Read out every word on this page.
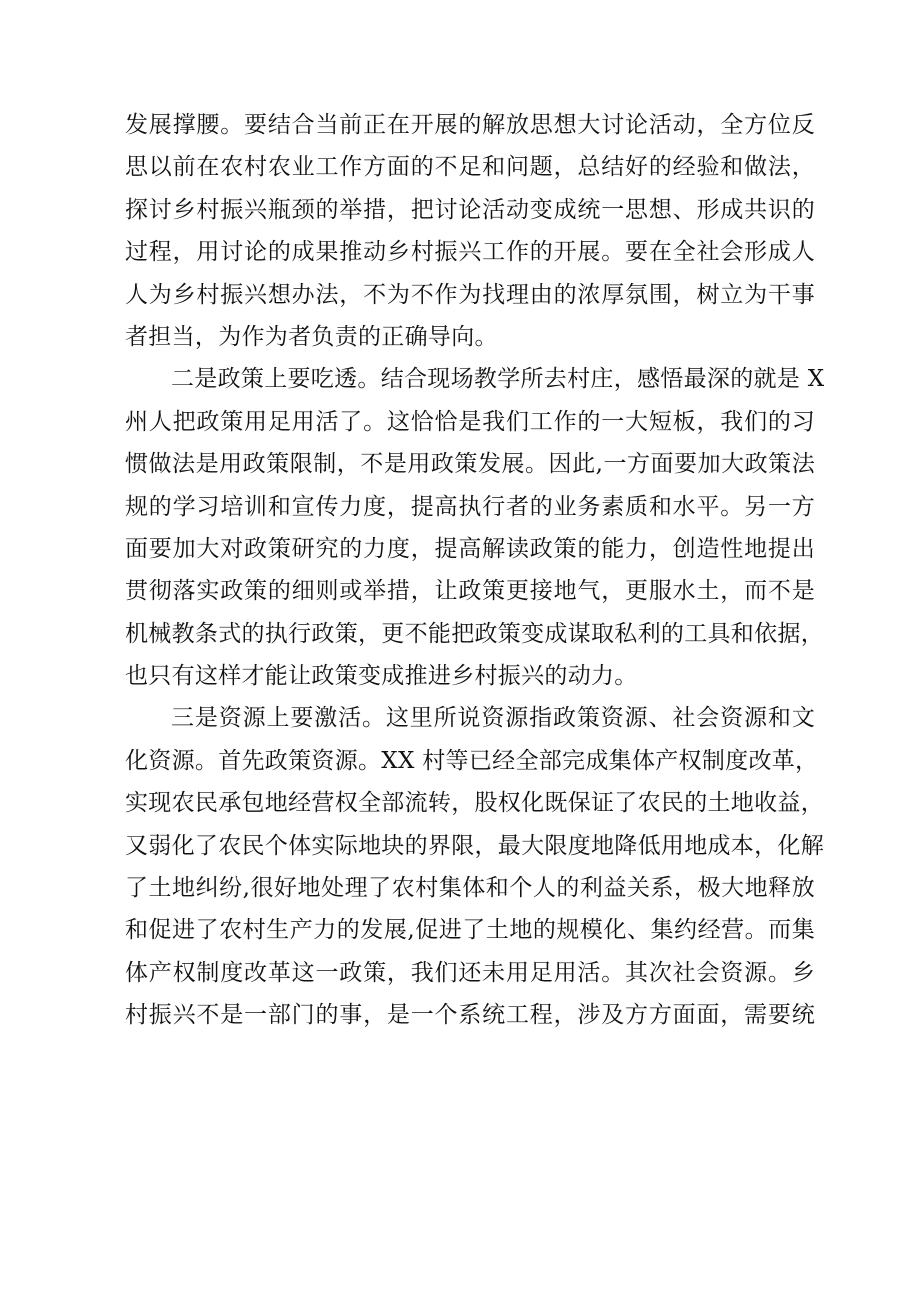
发展撑腰。要结合当前正在开展的解放思想大讨论活动，全方位反
思以前在农村农业工作方面的不足和问题，总结好的经验和做法，
探讨乡村振兴瓶颈的举措，把讨论活动变成统一思想、形成共识的
过程，用讨论的成果推动乡村振兴工作的开展。要在全社会形成人
人为乡村振兴想办法，不为不作为找理由的浓厚氛围，树立为干事
者担当，为作为者负责的正确导向。
二是政策上要吃透。结合现场教学所去村庄，感悟最深的就是 X
州人把政策用足用活了。这恰恰是我们工作的一大短板，我们的习
惯做法是用政策限制，不是用政策发展。因此,一方面要加大政策法
规的学习培训和宣传力度，提高执行者的业务素质和水平。另一方
面要加大对政策研究的力度，提高解读政策的能力，创造性地提出
贯彻落实政策的细则或举措，让政策更接地气，更服水土，而不是
机械教条式的执行政策，更不能把政策变成谋取私利的工具和依据，
也只有这样才能让政策变成推进乡村振兴的动力。
三是资源上要激活。这里所说资源指政策资源、社会资源和文
化资源。首先政策资源。XX 村等已经全部完成集体产权制度改革，
实现农民承包地经营权全部流转，股权化既保证了农民的土地收益，
又弱化了农民个体实际地块的界限，最大限度地降低用地成本，化解
了土地纠纷,很好地处理了农村集体和个人的利益关系，极大地释放
和促进了农村生产力的发展,促进了土地的规模化、集约经营。而集
体产权制度改革这一政策，我们还未用足用活。其次社会资源。乡
村振兴不是一部门的事，是一个系统工程，涉及方方面面，需要统
